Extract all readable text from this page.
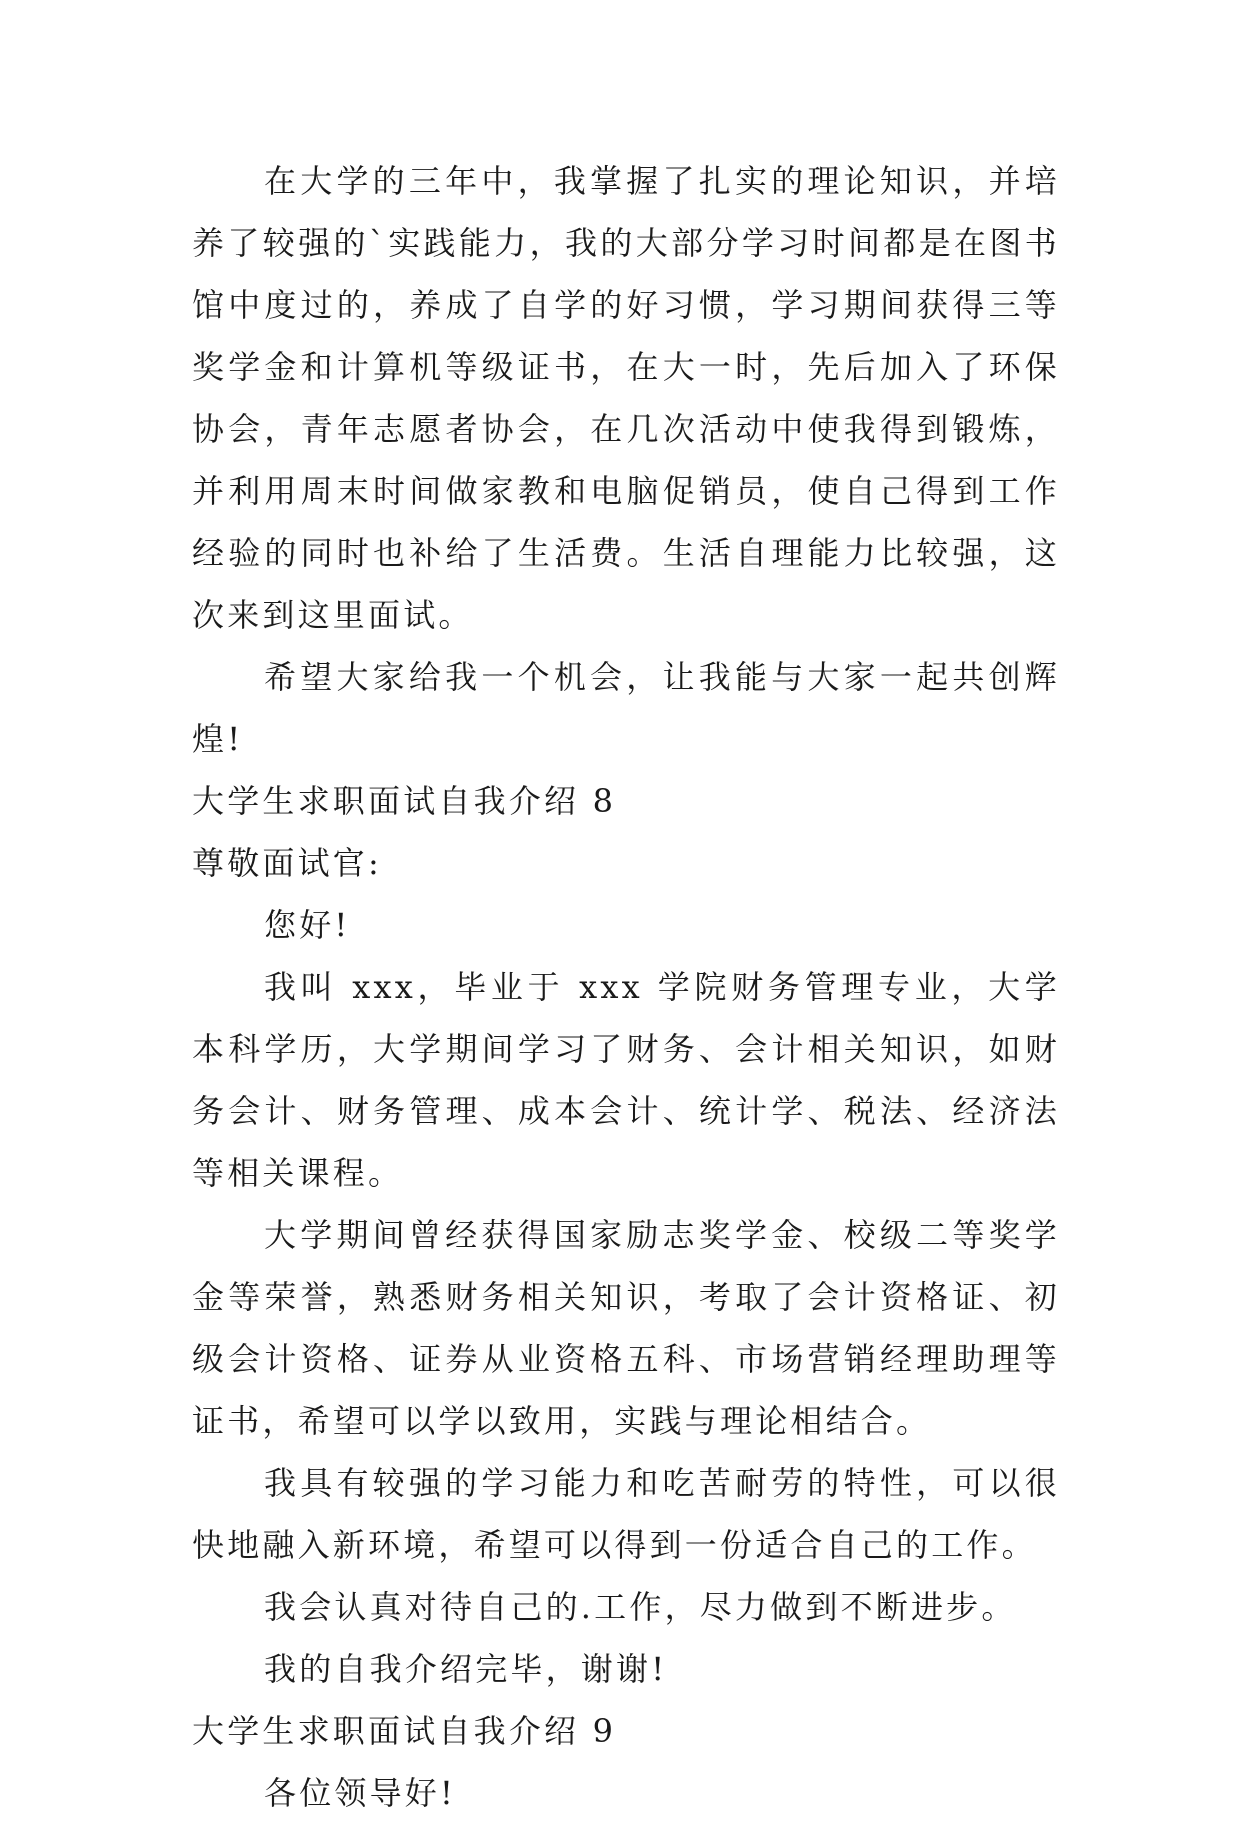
在大学的三年中，我掌握了扎实的理论知识，并培养了较强的`实践能力，我的大部分学习时间都是在图书馆中度过的，养成了自学的好习惯，学习期间获得三等奖学金和计算机等级证书，在大一时，先后加入了环保协会，青年志愿者协会，在几次活动中使我得到锻炼，并利用周末时间做家教和电脑促销员，使自己得到工作经验的同时也补给了生活费。生活自理能力比较强，这次来到这里面试。

希望大家给我一个机会，让我能与大家一起共创辉煌!

大学生求职面试自我介绍 8

尊敬面试官:

您好!

我叫 xxx，毕业于 xxx 学院财务管理专业，大学本科学历，大学期间学习了财务、会计相关知识，如财务会计、财务管理、成本会计、统计学、税法、经济法等相关课程。

大学期间曾经获得国家励志奖学金、校级二等奖学金等荣誉，熟悉财务相关知识，考取了会计资格证、初级会计资格、证券从业资格五科、市场营销经理助理等证书，希望可以学以致用，实践与理论相结合。

我具有较强的学习能力和吃苦耐劳的特性，可以很快地融入新环境，希望可以得到一份适合自己的工作。

我会认真对待自己的.工作，尽力做到不断进步。

我的自我介绍完毕，谢谢!

大学生求职面试自我介绍 9

各位领导好!
